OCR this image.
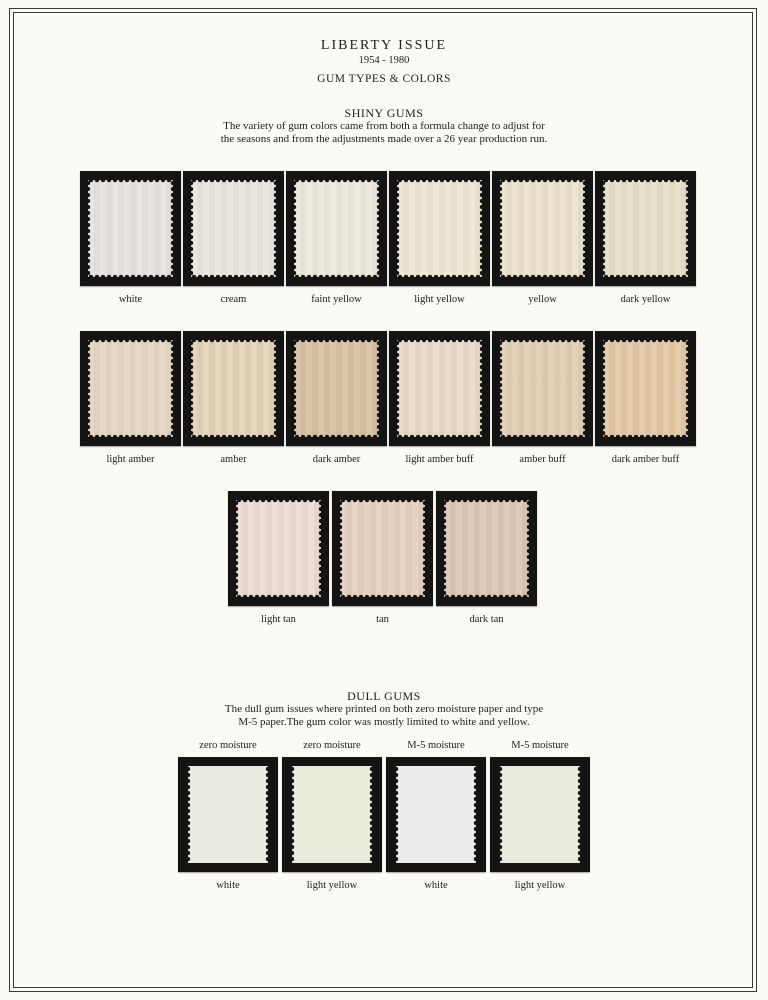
LIBERTY ISSUE
1954 - 1980
GUM TYPES & COLORS
SHINY GUMS
The variety of gum colors came from both a formula change to adjust for
the seasons and from the adjustments made over a 26 year production run.
white	cream	faint yellow	light yellow	yellow	dark yellow
light amber	amber	dark amber	light amber buff	amber buff	dark amber buff
light tan	tan	dark tan
DULL GUMS
The dull gum issues where printed on both zero moisture paper and type
M-5 paper.The gum color was mostly limited to white and yellow.
zero moisture
white
zero moisture
light yellow
M-5 moisture
white
M-5 moisture
light yellow
